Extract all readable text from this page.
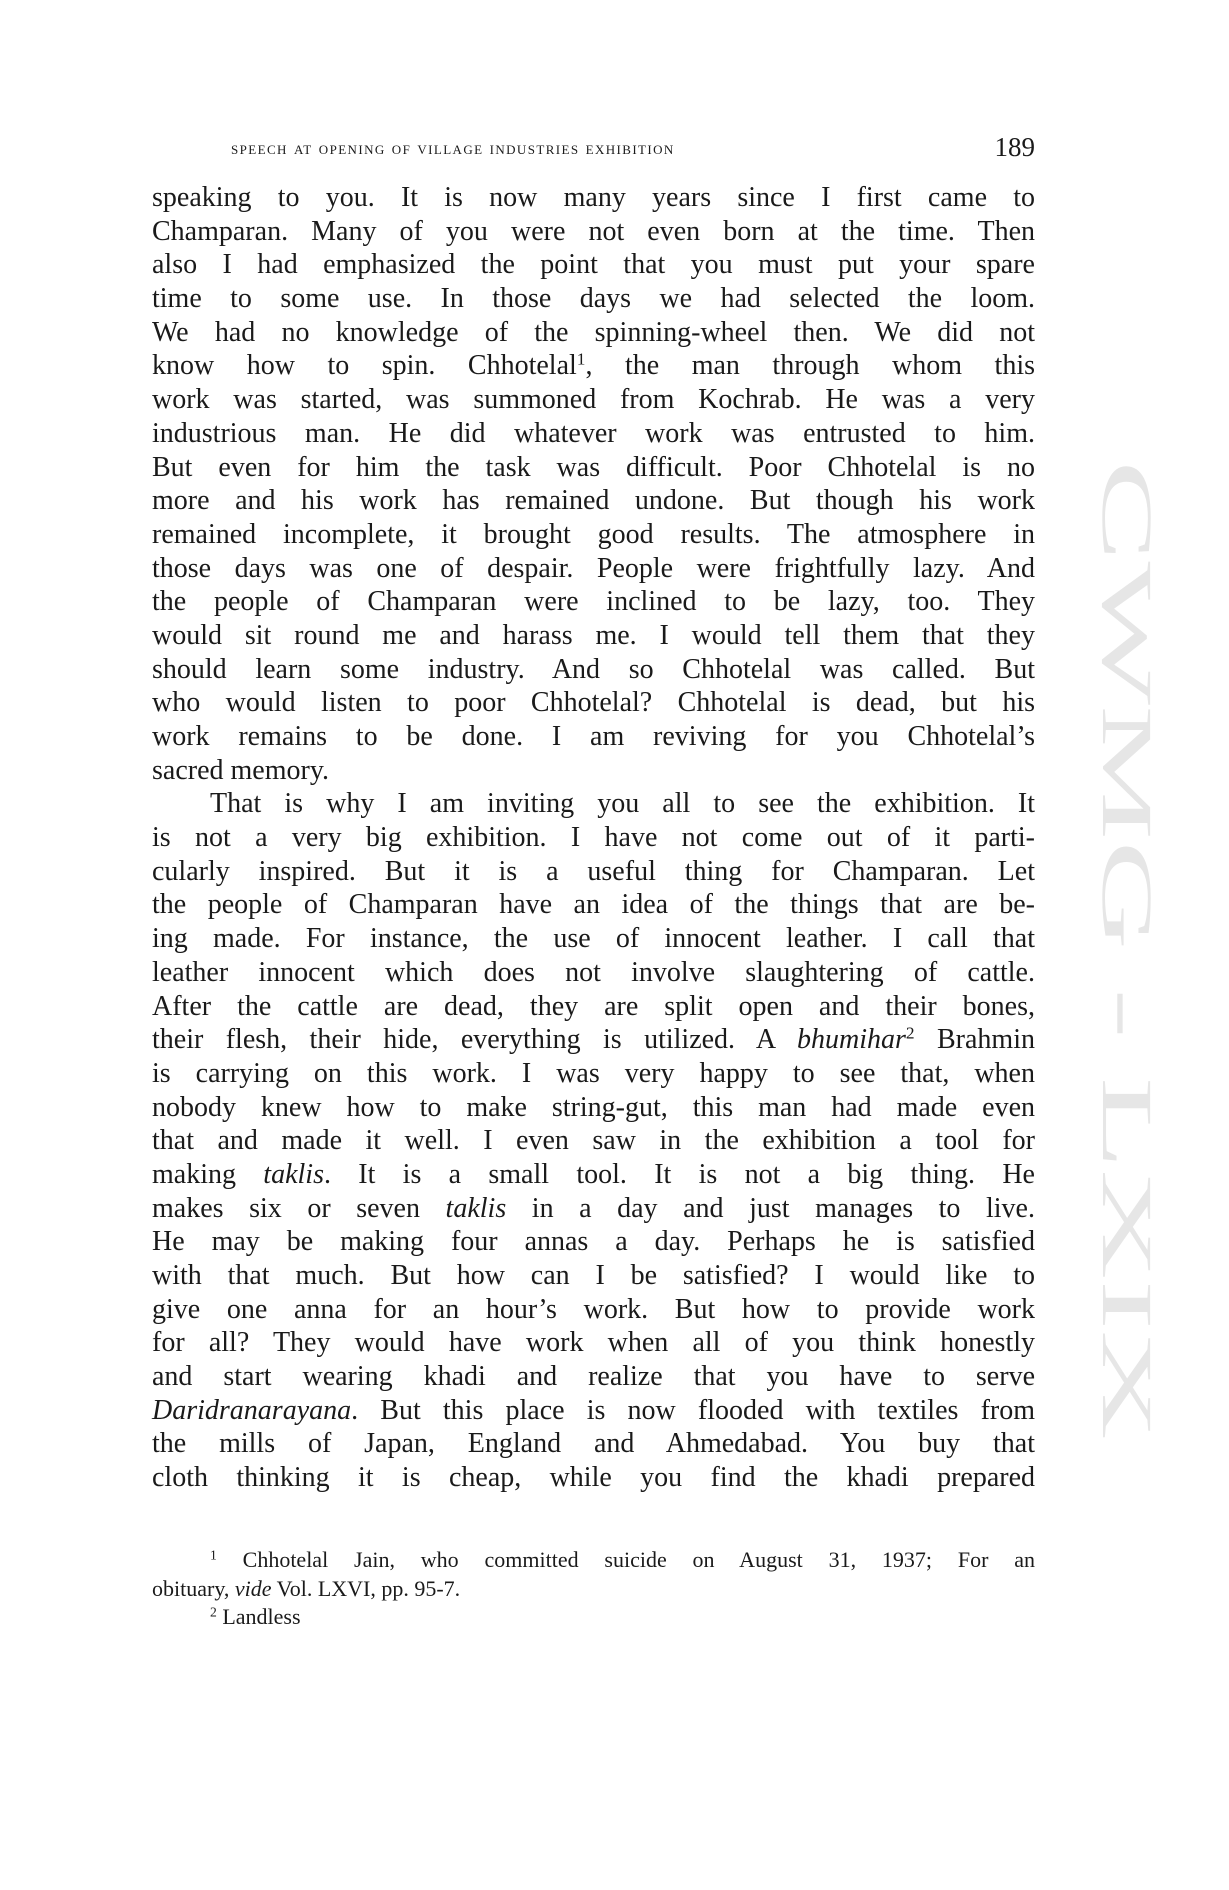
speech at opening of village industries exhibition	189
CWMG - LXIX
speaking to you. It is now many years since I first came to
Champaran. Many of you were not even born at the time. Then
also I had emphasized the point that you must put your spare
time to some use. In those days we had selected the loom.
We had no knowledge of the spinning-wheel then. We did not
know how to spin. Chhotelal$^1$, the man through whom this
work was started, was summoned from Kochrab. He was a very
industrious man. He did whatever work was entrusted to him.
But even for him the task was difficult. Poor Chhotelal is no
more and his work has remained undone. But though his work
remained incomplete, it brought good results. The atmosphere in
those days was one of despair. People were frightfully lazy. And
the people of Champaran were inclined to be lazy, too. They
would sit round me and harass me. I would tell them that they
should learn some industry. And so Chhotelal was called. But
who would listen to poor Chhotelal? Chhotelal is dead, but his
work remains to be done. I am reviving for you Chhotelal’s
sacred memory.
That is why I am inviting you all to see the exhibition. It
is not a very big exhibition. I have not come out of it parti-
cularly inspired. But it is a useful thing for Champaran. Let
the people of Champaran have an idea of the things that are be-
ing made. For instance, the use of innocent leather. I call that
leather innocent which does not involve slaughtering of cattle.
After the cattle are dead, they are split open and their bones,
their flesh, their hide, everything is utilized. A bhumihar$^2$ Brahmin
is carrying on this work. I was very happy to see that, when
nobody knew how to make string-gut, this man had made even
that and made it well. I even saw in the exhibition a tool for
making taklis. It is a small tool. It is not a big thing. He
makes six or seven taklis in a day and just manages to live.
He may be making four annas a day. Perhaps he is satisfied
with that much. But how can I be satisfied? I would like to
give one anna for an hour’s work. But how to provide work
for all? They would have work when all of you think honestly
and start wearing khadi and realize that you have to serve
Daridranarayana. But this place is now flooded with textiles from
the mills of Japan, England and Ahmedabad. You buy that
cloth thinking it is cheap, while you find the khadi prepared
$^1$ Chhotelal Jain, who committed suicide on August 31, 1937; For an
obituary, vide Vol. LXVI, pp. 95-7.
$^2$ Landless
